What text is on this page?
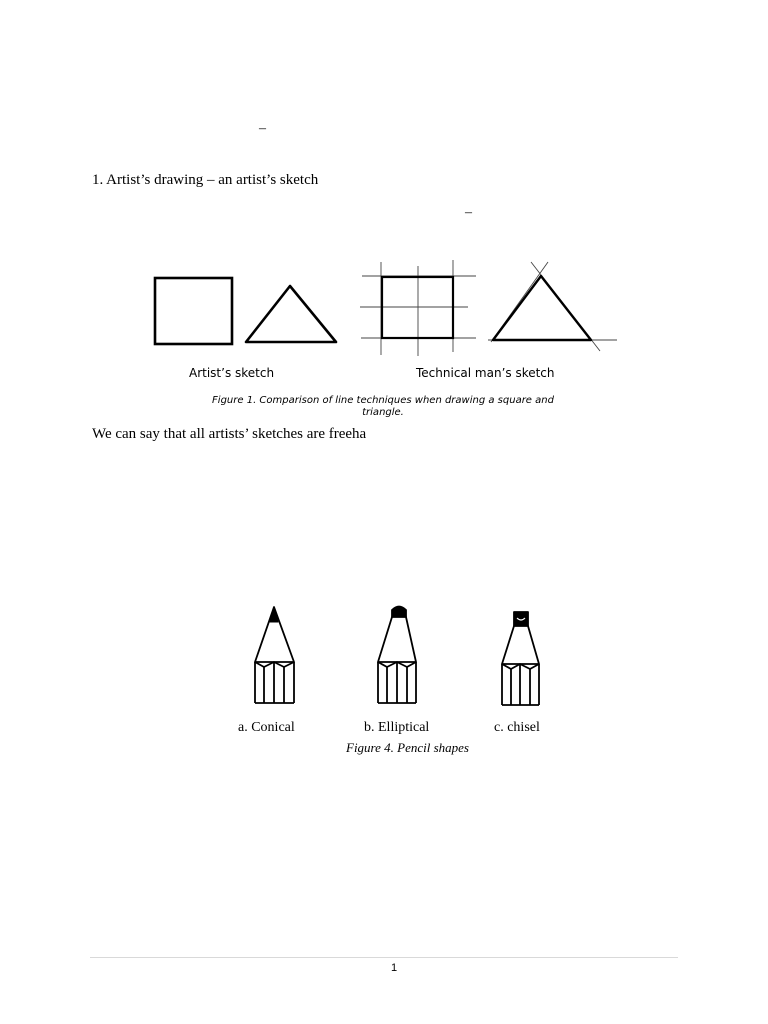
–
–
1. Artist’s drawing – an artist’s sketch
Artist’s sketch	Technical man’s sketch
Figure 1. Comparison of line techniques when drawing a square and
triangle.
We can say that all artists’ sketches are freeha
a. Conical	b. Elliptical	c. chisel
Figure 4. Pencil shapes
1
